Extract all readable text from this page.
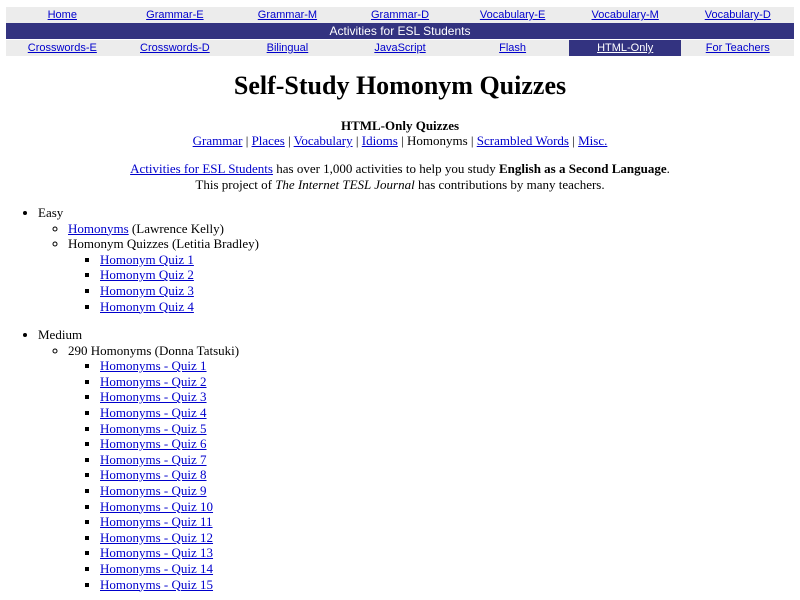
Home	Grammar-E	Grammar-M	Grammar-D	Vocabulary-E	Vocabulary-M	Vocabulary-D
Activities for ESL Students
Crosswords-E	Crosswords-D	Bilingual	JavaScript	Flash	HTML-Only	For Teachers
Self-Study Homonym Quizzes
HTML-Only Quizzes
Grammar | Places | Vocabulary | Idioms | Homonyms | Scrambled Words | Misc.
Activities for ESL Students has over 1,000 activities to help you study English as a Second Language.
This project of The Internet TESL Journal has contributions by many teachers.
• Easy
◦ Homonyms (Lawrence Kelly)
◦ Homonym Quizzes (Letitia Bradley)
▪ Homonym Quiz 1
▪ Homonym Quiz 2
▪ Homonym Quiz 3
▪ Homonym Quiz 4
• Medium
◦ 290 Homonyms (Donna Tatsuki)
▪ Homonyms - Quiz 1
▪ Homonyms - Quiz 2
▪ Homonyms - Quiz 3
▪ Homonyms - Quiz 4
▪ Homonyms - Quiz 5
▪ Homonyms - Quiz 6
▪ Homonyms - Quiz 7
▪ Homonyms - Quiz 8
▪ Homonyms - Quiz 9
▪ Homonyms - Quiz 10
▪ Homonyms - Quiz 11
▪ Homonyms - Quiz 12
▪ Homonyms - Quiz 13
▪ Homonyms - Quiz 14
▪ Homonyms - Quiz 15
